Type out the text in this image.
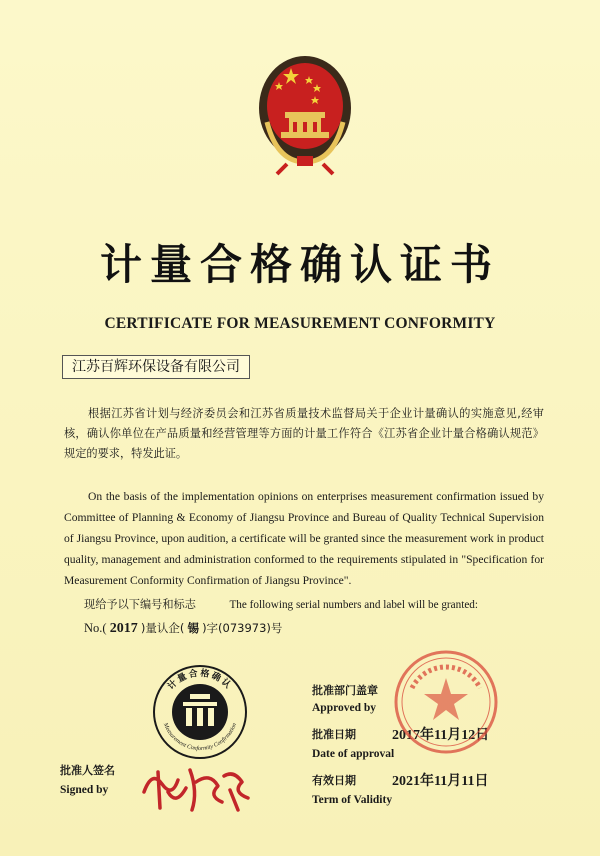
计量合格确认证书
CERTIFICATE FOR MEASUREMENT CONFORMITY
江苏百辉环保设备有限公司
根据江苏省计划与经济委员会和江苏省质量技术监督局关于企业计量确认的实施意见,经审核，确认你单位在产品质量和经营管理等方面的计量工作符合《江苏省企业计量合格确认规范》规定的要求，特发此证。
On the basis of the implementation opinions on enterprises measurement confirmation issued by Committee of Planning & Economy of Jiangsu Province and Bureau of Quality Technical Supervision of Jiangsu Province, upon audition, a certificate will be granted since the measurement work in product quality, management and administration conformed to the requirements stipulated in "Specification for Measurement Conformity Confirmation of Jiangsu Province".
现给予以下编号和标志	The following serial numbers and label will be granted:
No.( 2017 )量认企( 锡 )字(073973)号
计量合格确认
Measurement Conformity Confirmation
批准部门盖章
Approved by
批准日期
Date of approval
有效日期
Term of Validity
2017年11月12日
2021年11月11日
批准人签名
Signed by
